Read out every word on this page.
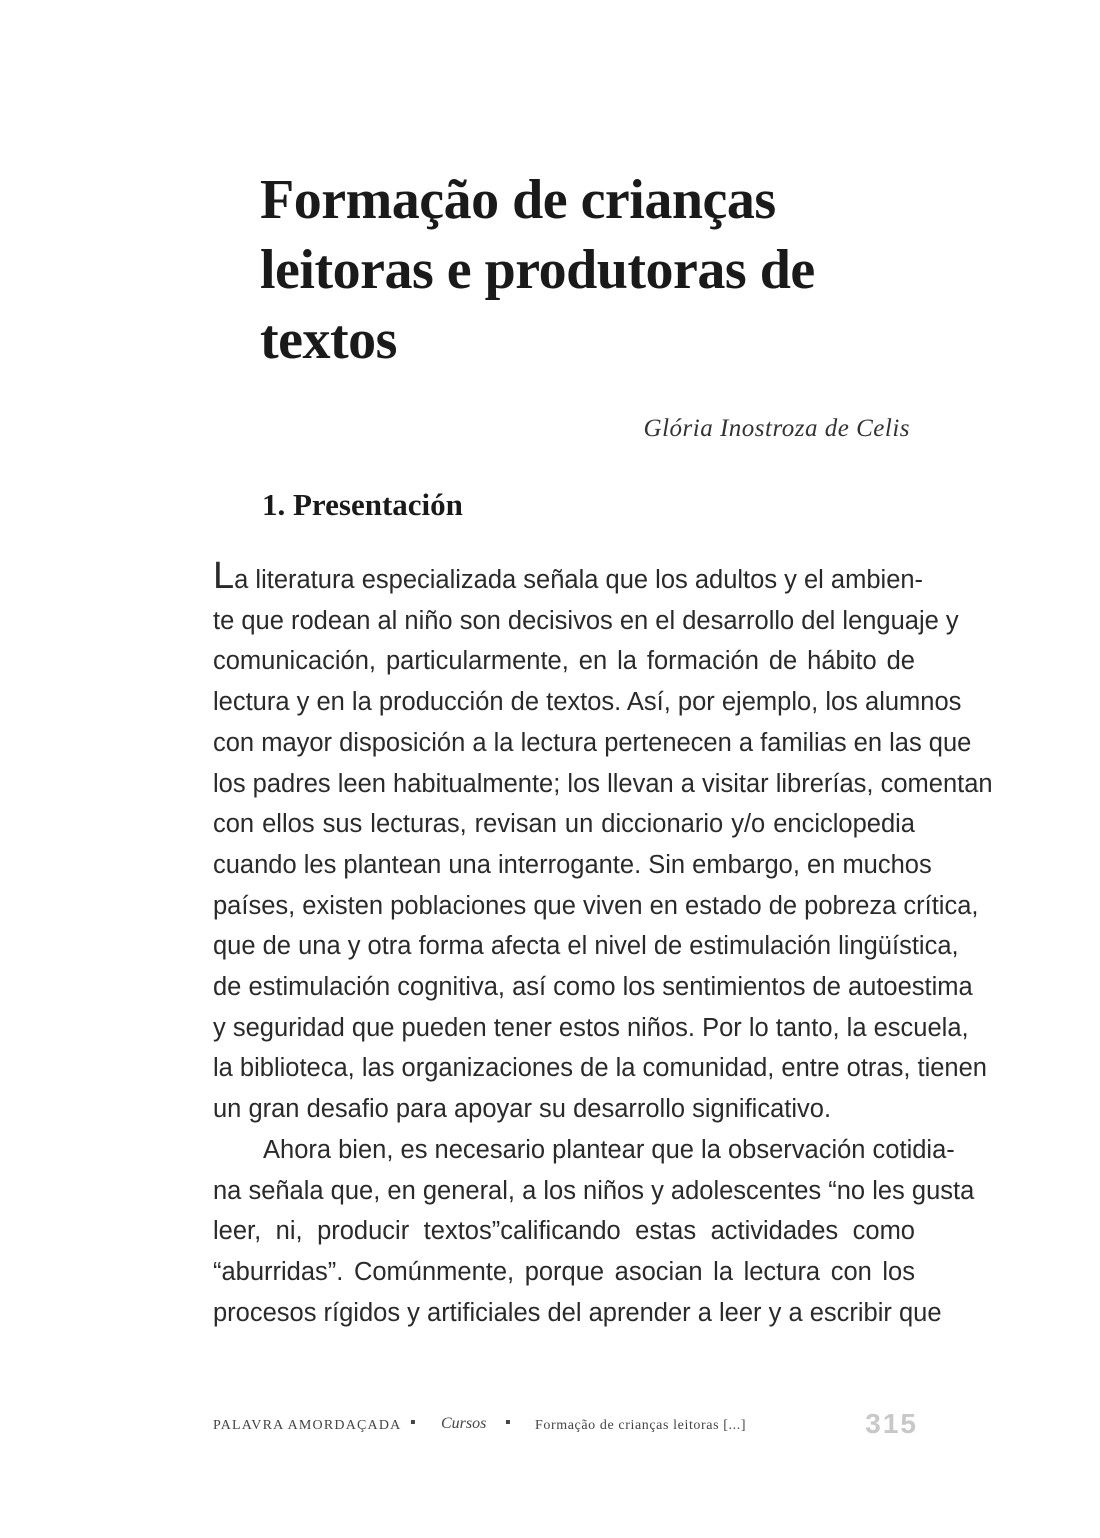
Formação de crianças
leitoras e produtoras de
textos
Glória Inostroza de Celis
1. Presentación
La literatura especializada señala que los adultos y el ambien-
te que rodean al niño son decisivos en el desarrollo del lenguaje y
comunicación, particularmente, en la formación de hábito de
lectura y en la producción de textos. Así, por ejemplo, los alumnos
con mayor disposición a la lectura pertenecen a familias en las que
los padres leen habitualmente; los llevan a visitar librerías, comentan
con ellos sus lecturas, revisan un diccionario y/o enciclopedia
cuando les plantean una interrogante. Sin embargo, en muchos
países, existen poblaciones que viven en estado de pobreza crítica,
que de una y otra forma afecta el nivel de estimulación lingüística,
de estimulación cognitiva, así como los sentimientos de autoestima
y seguridad que pueden tener estos niños. Por lo tanto, la escuela,
la biblioteca, las organizaciones de la comunidad, entre otras, tienen
un gran desafio para apoyar su desarrollo significativo.
Ahora bien, es necesario plantear que la observación cotidia-
na señala que, en general, a los niños y adolescentes “no les gusta
leer, ni, producir textos”calificando estas actividades como
“aburridas”. Comúnmente, porque asocian la lectura con los
procesos rígidos y artificiales del aprender a leer y a escribir que
PALAVRA AMORDAÇADA ▪ Cursos ▪ Formação de crianças leitoras [...]	315
